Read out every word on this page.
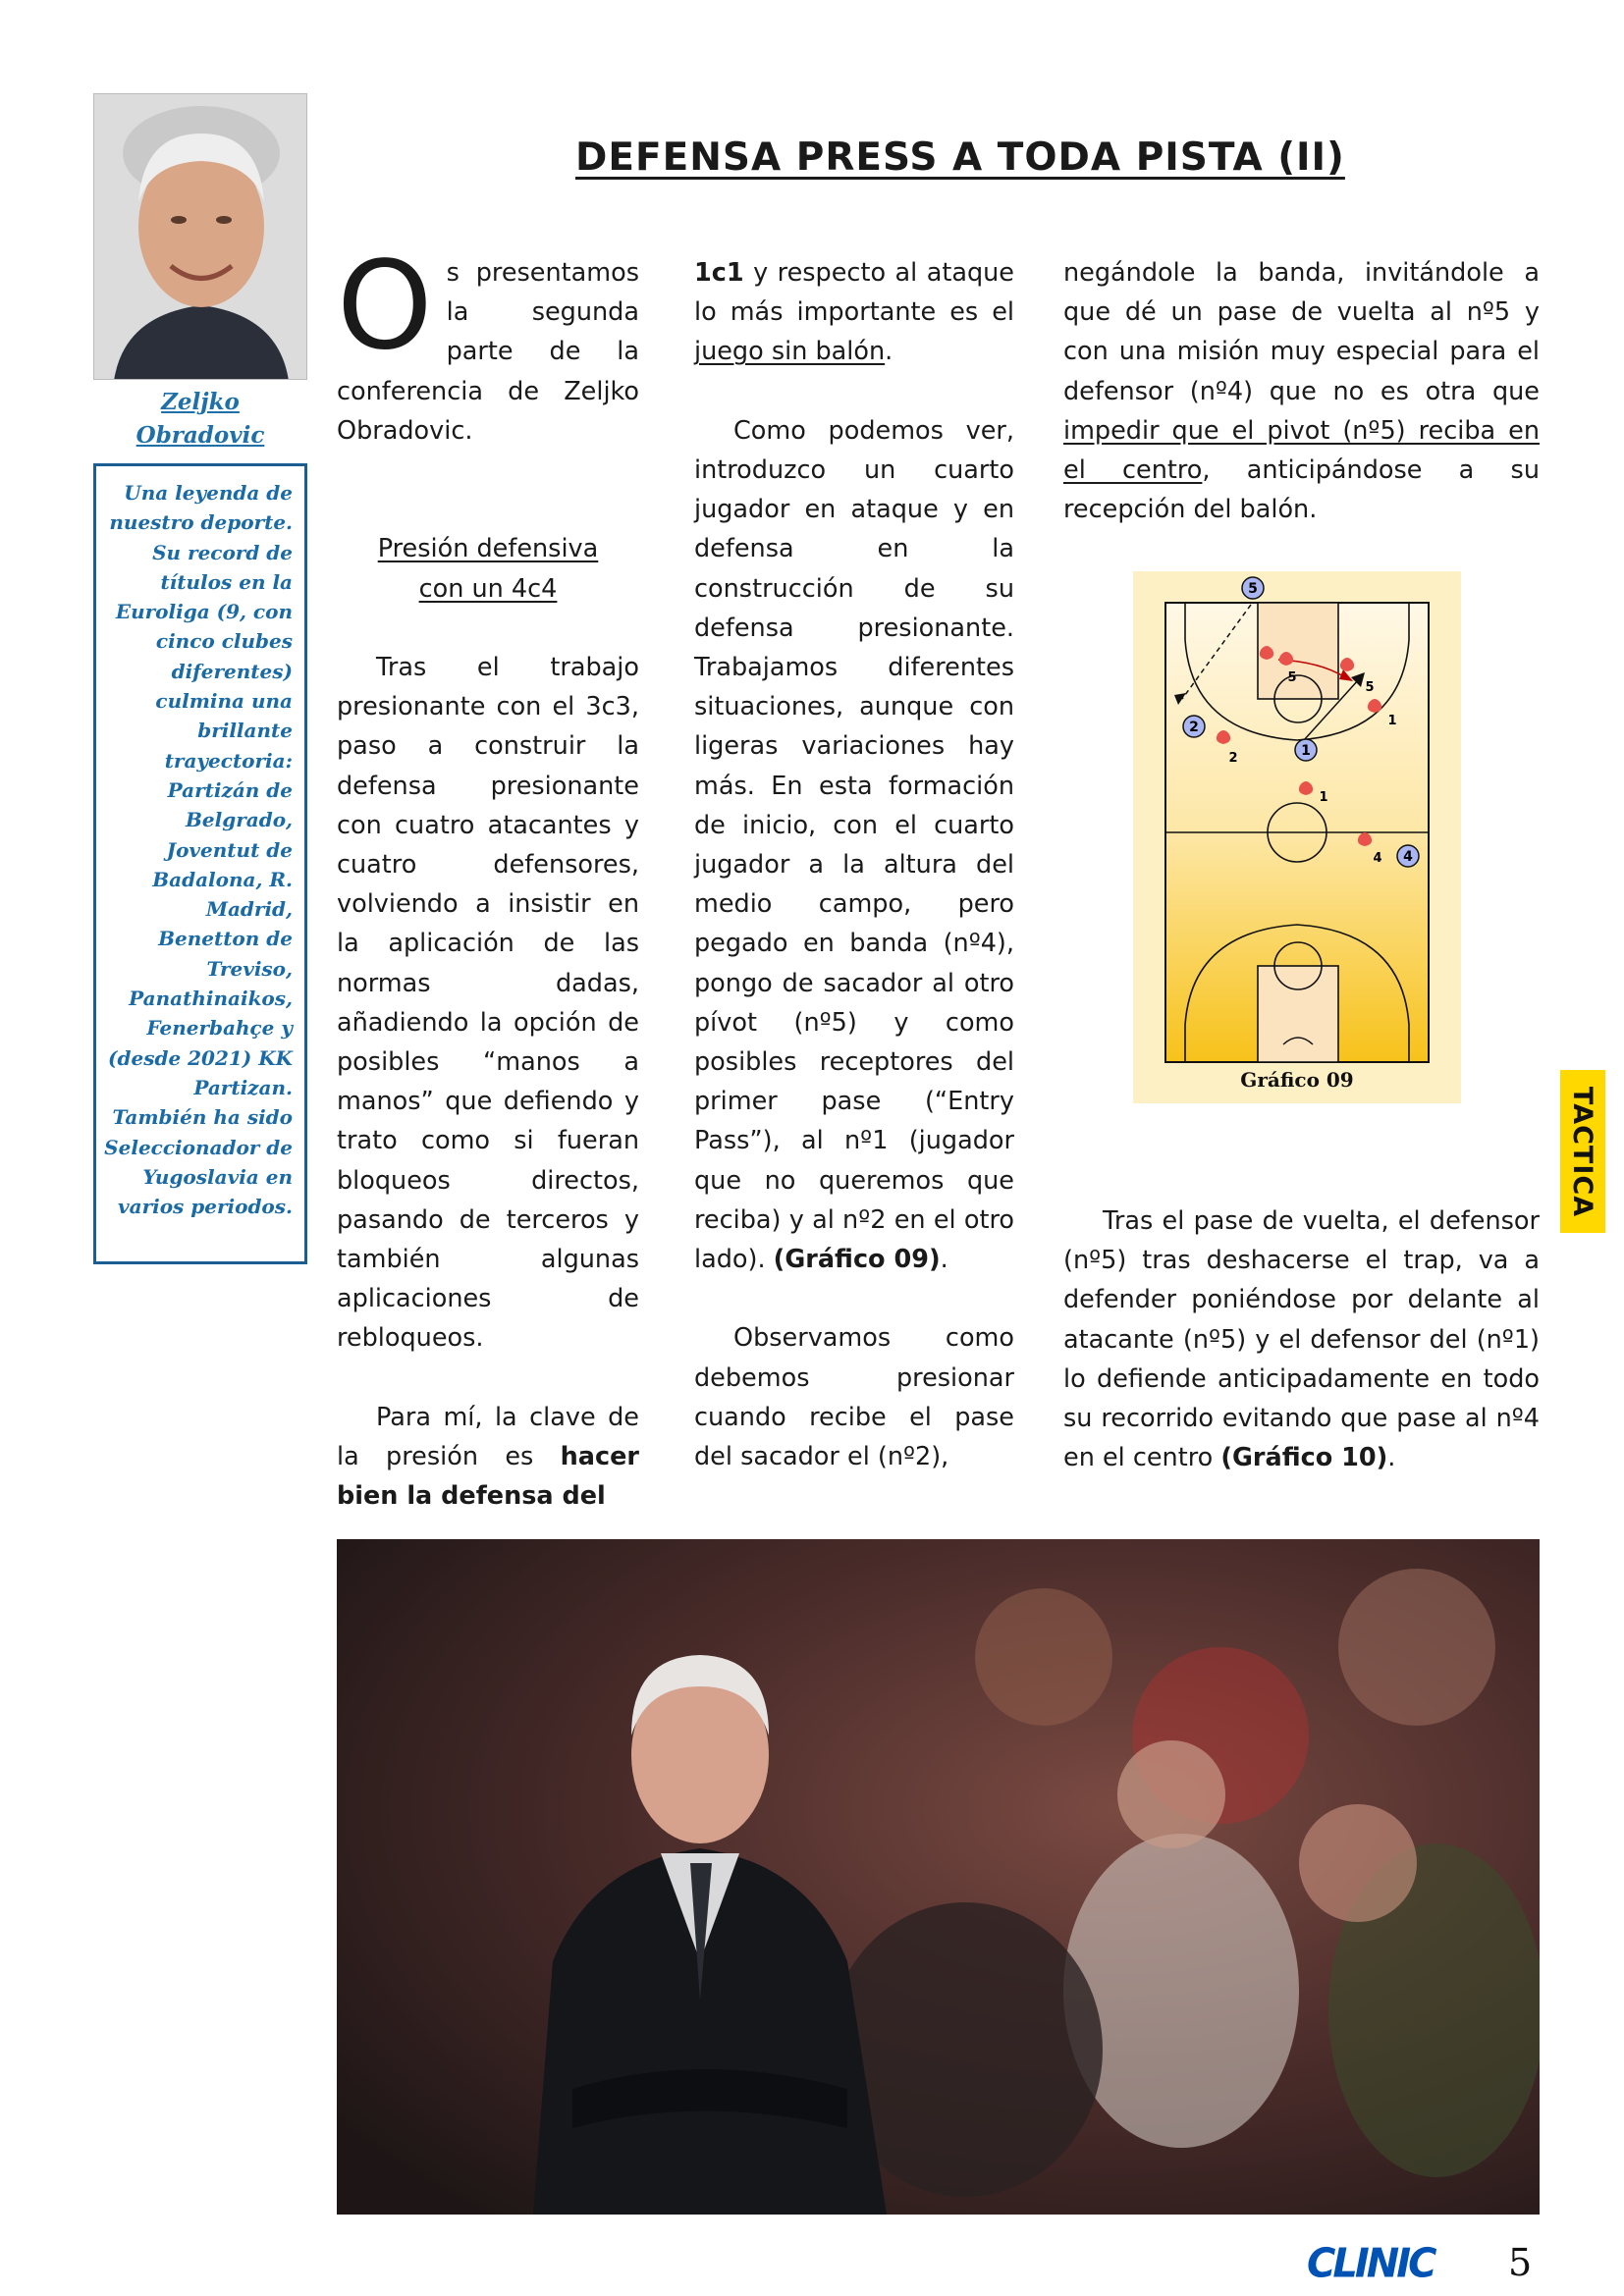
Zeljko
Obradovic

Una leyenda de nuestro deporte. Su record de títulos en la Euroliga (9, con cinco clubes diferentes) culmina una brillante trayectoria: Partizán de Belgrado, Joventut de Badalona, R. Madrid, Benetton de Treviso, Panathinaikos, Fenerbahçe y (desde 2021) KK Partizan. También ha sido Seleccionador de Yugoslavia en varios periodos.

DEFENSA PRESS A TODA PISTA (II)

Os presentamos la segunda parte de la conferencia de Zeljko Obradovic.

Presión defensiva
con un 4c4

Tras el trabajo presionante con el 3c3, paso a construir la defensa presionante con cuatro atacantes y cuatro defensores, volviendo a insistir en la aplicación de las normas dadas, añadiendo la opción de posibles “manos a manos” que defiendo y trato como si fueran bloqueos directos, pasando de terceros y también algunas aplicaciones de rebloqueos.

Para mí, la clave de la presión es hacer bien la defensa del

1c1 y respecto al ataque lo más importante es el juego sin balón.

Como podemos ver, introduzco un cuarto jugador en ataque y en defensa en la construcción de su defensa presionante. Trabajamos diferentes situaciones, aunque con ligeras variaciones hay más. En esta formación de inicio, con el cuarto jugador a la altura del medio campo, pero pegado en banda (nº4), pongo de sacador al otro pívot (nº5) y como posibles receptores del primer pase (“Entry Pass”), al nº1 (jugador que no queremos que reciba) y al nº2 en el otro lado). (Gráfico 09).

Observamos como debemos presionar cuando recibe el pase del sacador el (nº2),

negándole la banda, invitándole a que dé un pase de vuelta al nº5 y con una misión muy especial para el defensor (nº4) que no es otra que impedir que el pivot (nº5) reciba en el centro, anticipándose a su recepción del balón.

5
2
1
4
5
5
1
2
1
4
Gráfico 09

Tras el pase de vuelta, el defensor (nº5) tras deshacerse el trap, va a defender poniéndose por delante al atacante (nº5) y el defensor del (nº1) lo defiende anticipadamente en todo su recorrido evitando que pase al nº4 en el centro (Gráfico 10).

TACTICA
CLINIC 5
